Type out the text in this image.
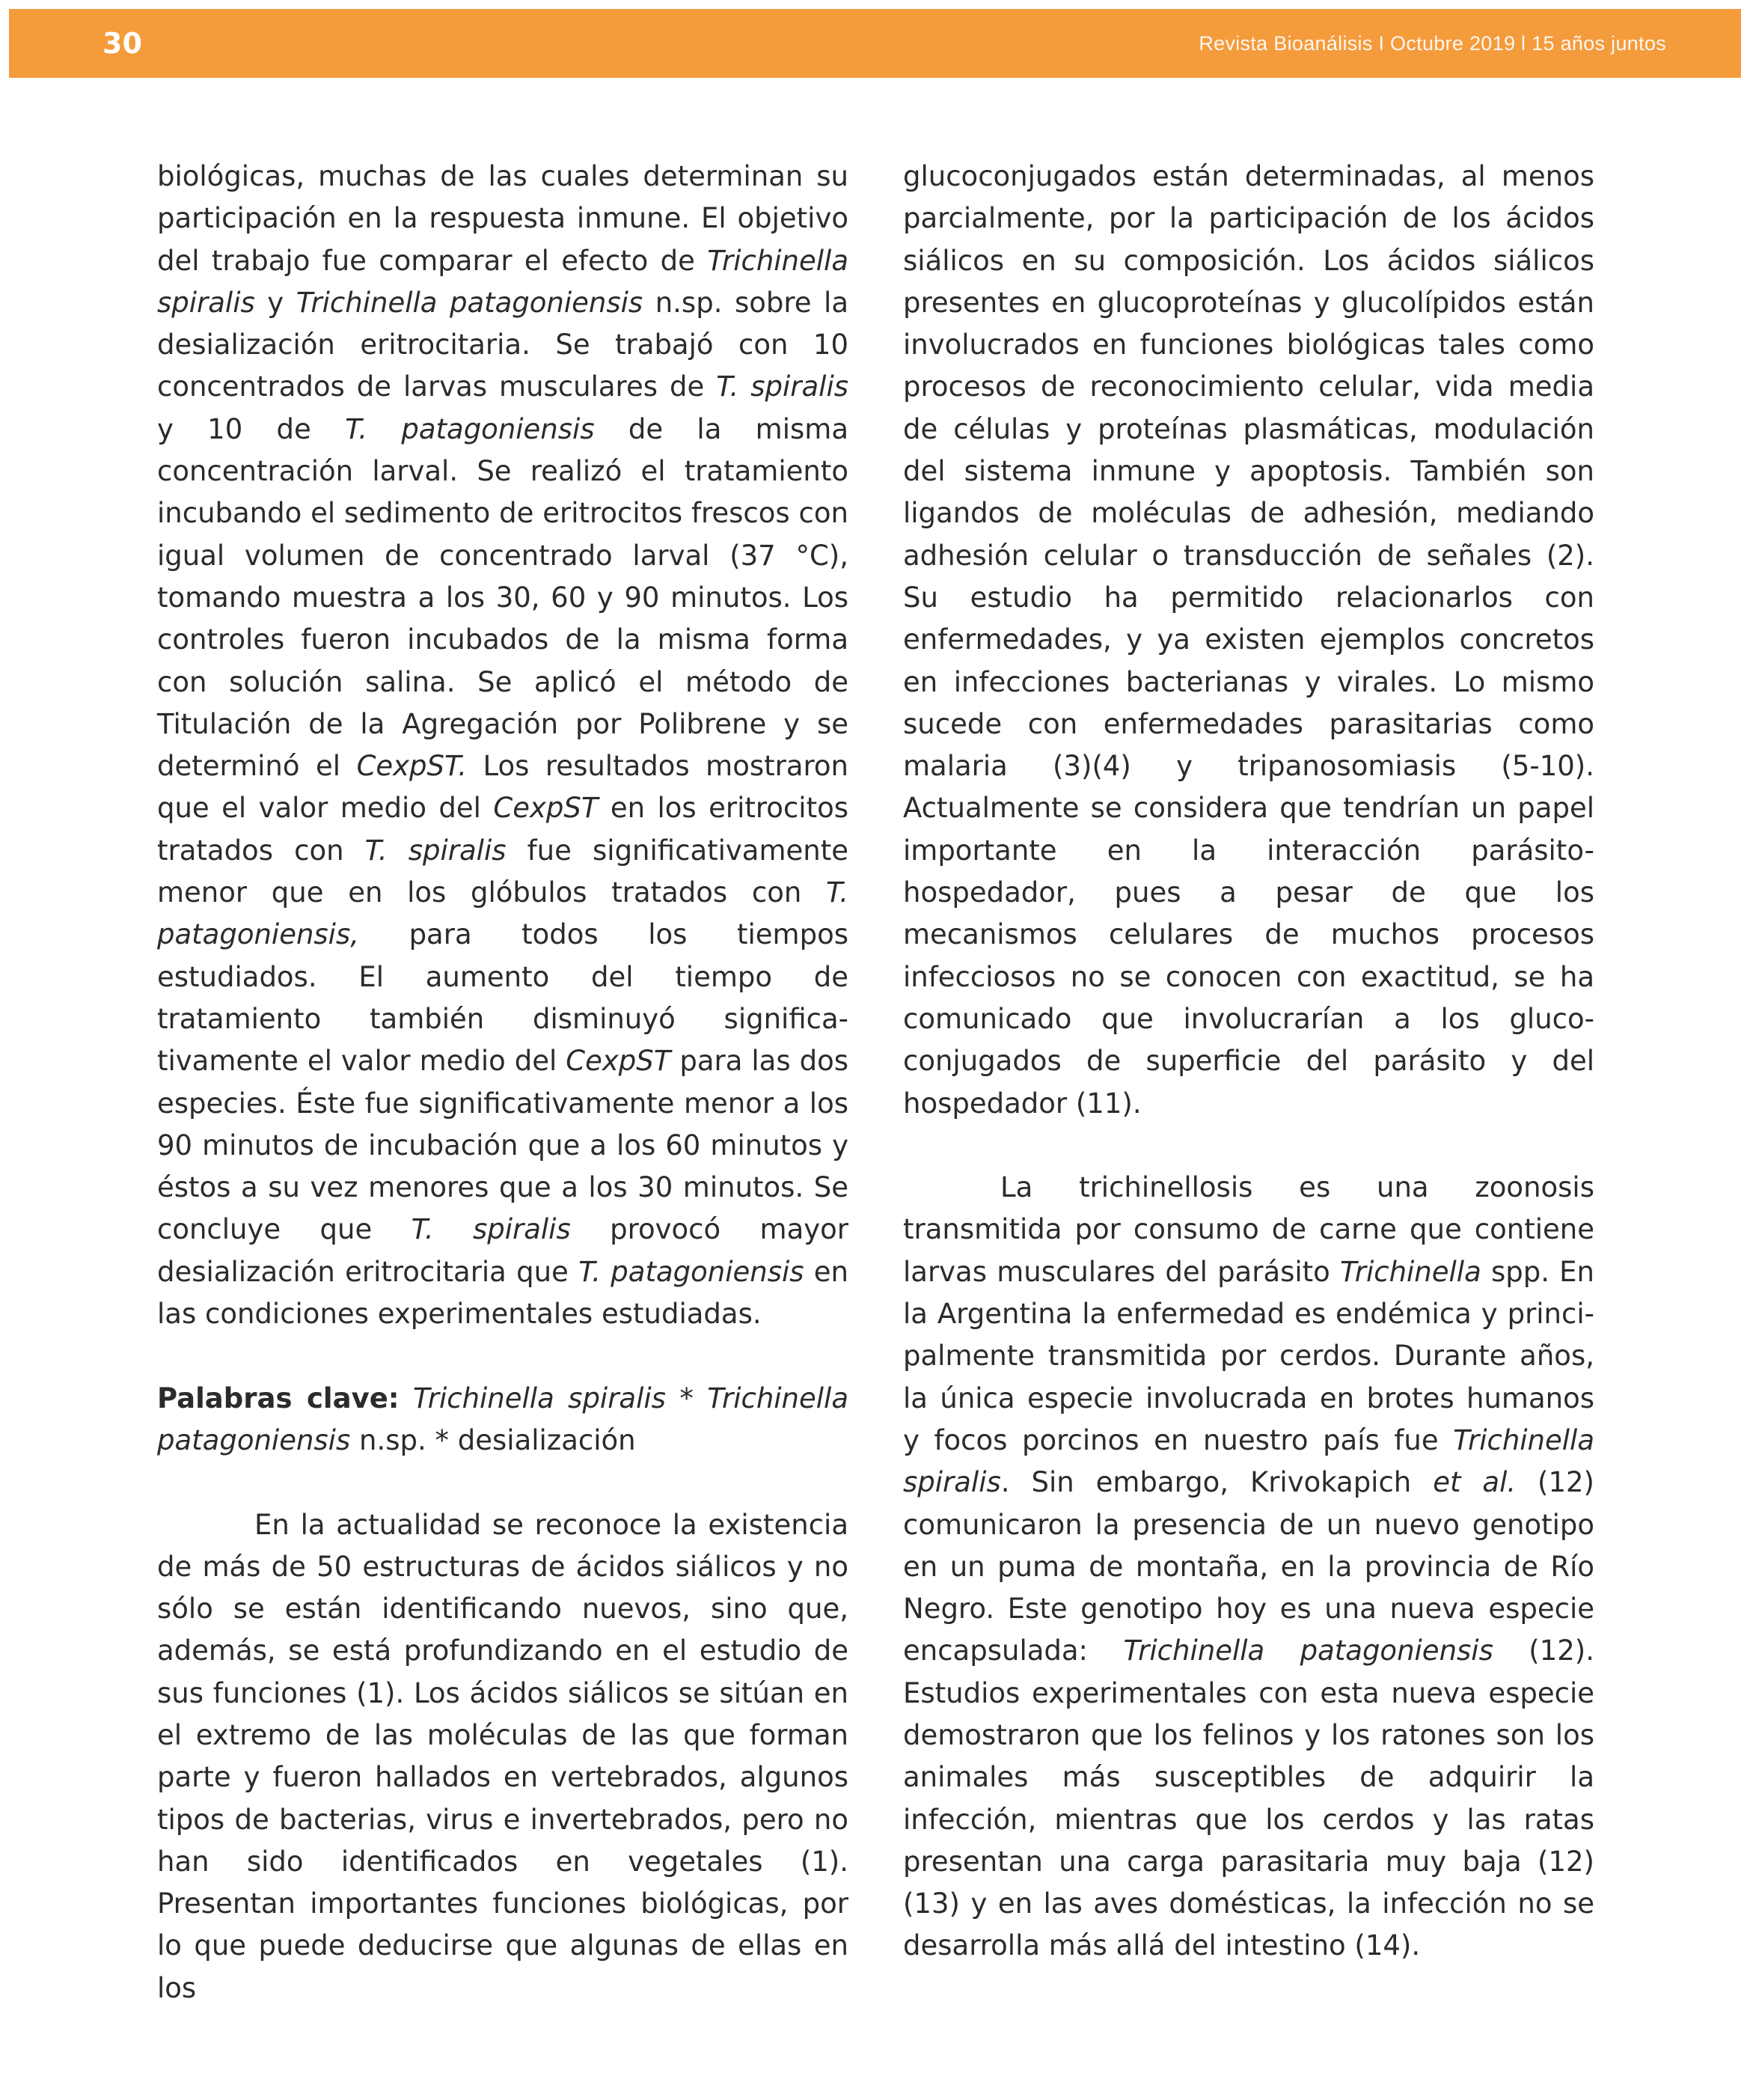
30	Revista Bioanálisis I Octubre 2019 l 15 años juntos

biológicas, muchas de las cuales determinan su participación en la respuesta inmune. El objetivo del trabajo fue comparar el efecto de Trichinella spiralis y Trichinella patagoniensis n.sp. sobre la desialización eritrocitaria. Se trabajó con 10 concentrados de larvas musculares de T. spiralis y 10 de T. patagoniensis de la misma concentración larval. Se realizó el tratamiento incubando el sedimento de eritrocitos frescos con igual volumen de concentrado larval (37 °C), tomando muestra a los 30, 60 y 90 minutos. Los controles fueron incubados de la misma forma con solución salina. Se aplicó el método de Titulación de la Agregación por Polibrene y se determinó el CexpST. Los resultados mostraron que el valor medio del CexpST en los eritrocitos tratados con T. spiralis fue significativamente menor que en los glóbulos tratados con T. patagoniensis, para todos los tiempos estudiados. El aumento del tiempo de tratamiento también disminuyó significativamente el valor medio del CexpST para las dos especies. Éste fue significativamente menor a los 90 minutos de incubación que a los 60 minutos y éstos a su vez menores que a los 30 minutos. Se concluye que T. spiralis provocó mayor desialización eritrocitaria que T. patagoniensis en las condiciones experimentales estudiadas.

Palabras clave: Trichinella spiralis * Trichinella patagoniensis n.sp. * desialización

En la actualidad se reconoce la existencia de más de 50 estructuras de ácidos siálicos y no sólo se están identificando nuevos, sino que, además, se está profundizando en el estudio de sus funciones (1). Los ácidos siálicos se sitúan en el extremo de las moléculas de las que forman parte y fueron hallados en vertebrados, algunos tipos de bacterias, virus e invertebrados, pero no han sido identificados en vegetales (1). Presentan importantes funciones biológicas, por lo que puede deducirse que algunas de ellas en los

glucoconjugados están determinadas, al menos parcialmente, por la participación de los ácidos siálicos en su composición. Los ácidos siálicos presentes en glucoproteínas y glucolípidos están involucrados en funciones biológicas tales como procesos de reconocimiento celular, vida media de células y proteínas plasmáticas, modulación del sistema inmune y apoptosis. También son ligandos de moléculas de adhesión, mediando adhesión celular o transducción de señales (2). Su estudio ha permitido relacionarlos con enfermedades, y ya existen ejemplos concretos en infecciones bacterianas y virales. Lo mismo sucede con enfermedades parasitarias como malaria (3)(4) y tripanosomiasis (5-10). Actualmente se considera que tendrían un papel importante en la interacción parásito-hospedador, pues a pesar de que los mecanismos celulares de muchos procesos infecciosos no se conocen con exactitud, se ha comunicado que involucrarían a los glucoconjugados de superficie del parásito y del hospedador (11).

La trichinellosis es una zoonosis transmitida por consumo de carne que contiene larvas musculares del parásito Trichinella spp. En la Argentina la enfermedad es endémica y principalmente transmitida por cerdos. Durante años, la única especie involucrada en brotes humanos y focos porcinos en nuestro país fue Trichinella spiralis. Sin embargo, Krivokapich et al. (12) comunicaron la presencia de un nuevo genotipo en un puma de montaña, en la provincia de Río Negro. Este genotipo hoy es una nueva especie encapsulada: Trichinella patagoniensis (12). Estudios experimentales con esta nueva especie demostraron que los felinos y los ratones son los animales más susceptibles de adquirir la infección, mientras que los cerdos y las ratas presentan una carga parasitaria muy baja (12)(13) y en las aves domésticas, la infección no se desarrolla más allá del intestino (14).
